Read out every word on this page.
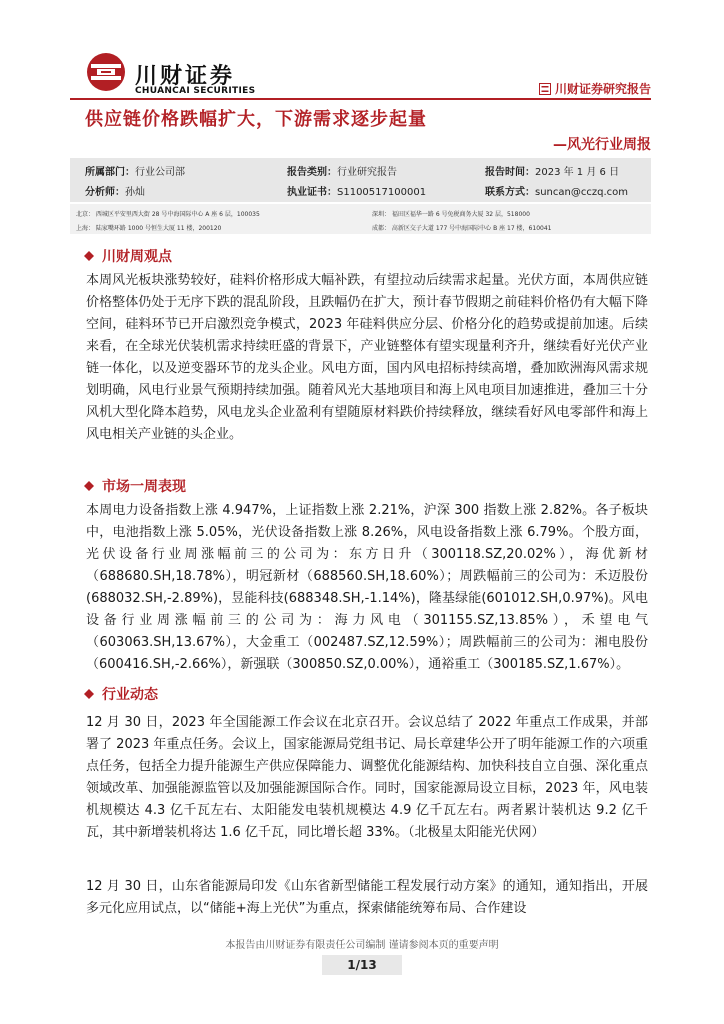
川财证券
CHUANCAI SECURITIES	川财证券研究报告
供应链价格跌幅扩大，下游需求逐步起量
—风光行业周报
所属部门：行业公司部	报告类别：行业研究报告	报告时间：2023 年 1 月 6 日
分析师：孙灿	执业证书：S1100517100001	联系方式：suncan@cczq.com
北京： 西城区平安里西大街 28 号中海国际中心 A 座 6 层，100035	深圳： 福田区福华一路 6 号免税商务大厦 32 层，518000
上海： 陆家嘴环路 1000 号恒生大厦 11 楼，200120	成都： 高新区交子大道 177 号中海国际中心 B 座 17 楼，610041
川财周观点

本周风光板块涨势较好，硅料价格形成大幅补跌，有望拉动后续需求起量。光伏方面，本周供应链价格整体仍处于无序下跌的混乱阶段，且跌幅仍在扩大，预计春节假期之前硅料价格仍有大幅下降空间，硅料环节已开启激烈竞争模式，2023 年硅料供应分层、价格分化的趋势或提前加速。后续来看，在全球光伏装机需求持续旺盛的背景下，产业链整体有望实现量利齐升，继续看好光伏产业链一体化，以及逆变器环节的龙头企业。风电方面，国内风电招标持续高增，叠加欧洲海风需求规划明确，风电行业景气预期持续加强。随着风光大基地项目和海上风电项目加速推进，叠加三十分风机大型化降本趋势，风电龙头企业盈利有望随原材料跌价持续释放，继续看好风电零部件和海上风电相关产业链的头企业。

市场一周表现

本周电力设备指数上涨 4.947%，上证指数上涨 2.21%，沪深 300 指数上涨 2.82%。各子板块中，电池指数上涨 5.05%，光伏设备指数上涨 8.26%，风电设备指数上涨 6.79%。个股方面，光伏设备行业周涨幅前三的公司为：东方日升（300118.SZ,20.02%），海优新材（688680.SH,18.78%），明冠新材（688560.SH,18.60%）；周跌幅前三的公司为：禾迈股份(688032.SH,-2.89%)，昱能科技(688348.SH,-1.14%)，隆基绿能(601012.SH,0.97%)。风电设备行业周涨幅前三的公司为：海力风电（301155.SZ,13.85%），禾望电气（603063.SH,13.67%），大金重工（002487.SZ,12.59%）；周跌幅前三的公司为：湘电股份（600416.SH,-2.66%），新强联（300850.SZ,0.00%），通裕重工（300185.SZ,1.67%）。

行业动态

12 月 30 日，2023 年全国能源工作会议在北京召开。会议总结了 2022 年重点工作成果，并部署了 2023 年重点任务。会议上，国家能源局党组书记、局长章建华公开了明年能源工作的六项重点任务，包括全力提升能源生产供应保障能力、调整优化能源结构、加快科技自立自强、深化重点领域改革、加强能源监管以及加强能源国际合作。同时，国家能源局设立目标，2023 年，风电装机规模达 4.3 亿千瓦左右、太阳能发电装机规模达 4.9 亿千瓦左右。两者累计装机达 9.2 亿千瓦，其中新增装机将达 1.6 亿千瓦，同比增长超 33%。（北极星太阳能光伏网）

12 月 30 日，山东省能源局印发《山东省新型储能工程发展行动方案》的通知，通知指出，开展多元化应用试点，以“储能+海上光伏”为重点，探索储能统筹布局、合作建设

本报告由川财证券有限责任公司编制 谨请参阅本页的重要声明
1/13
